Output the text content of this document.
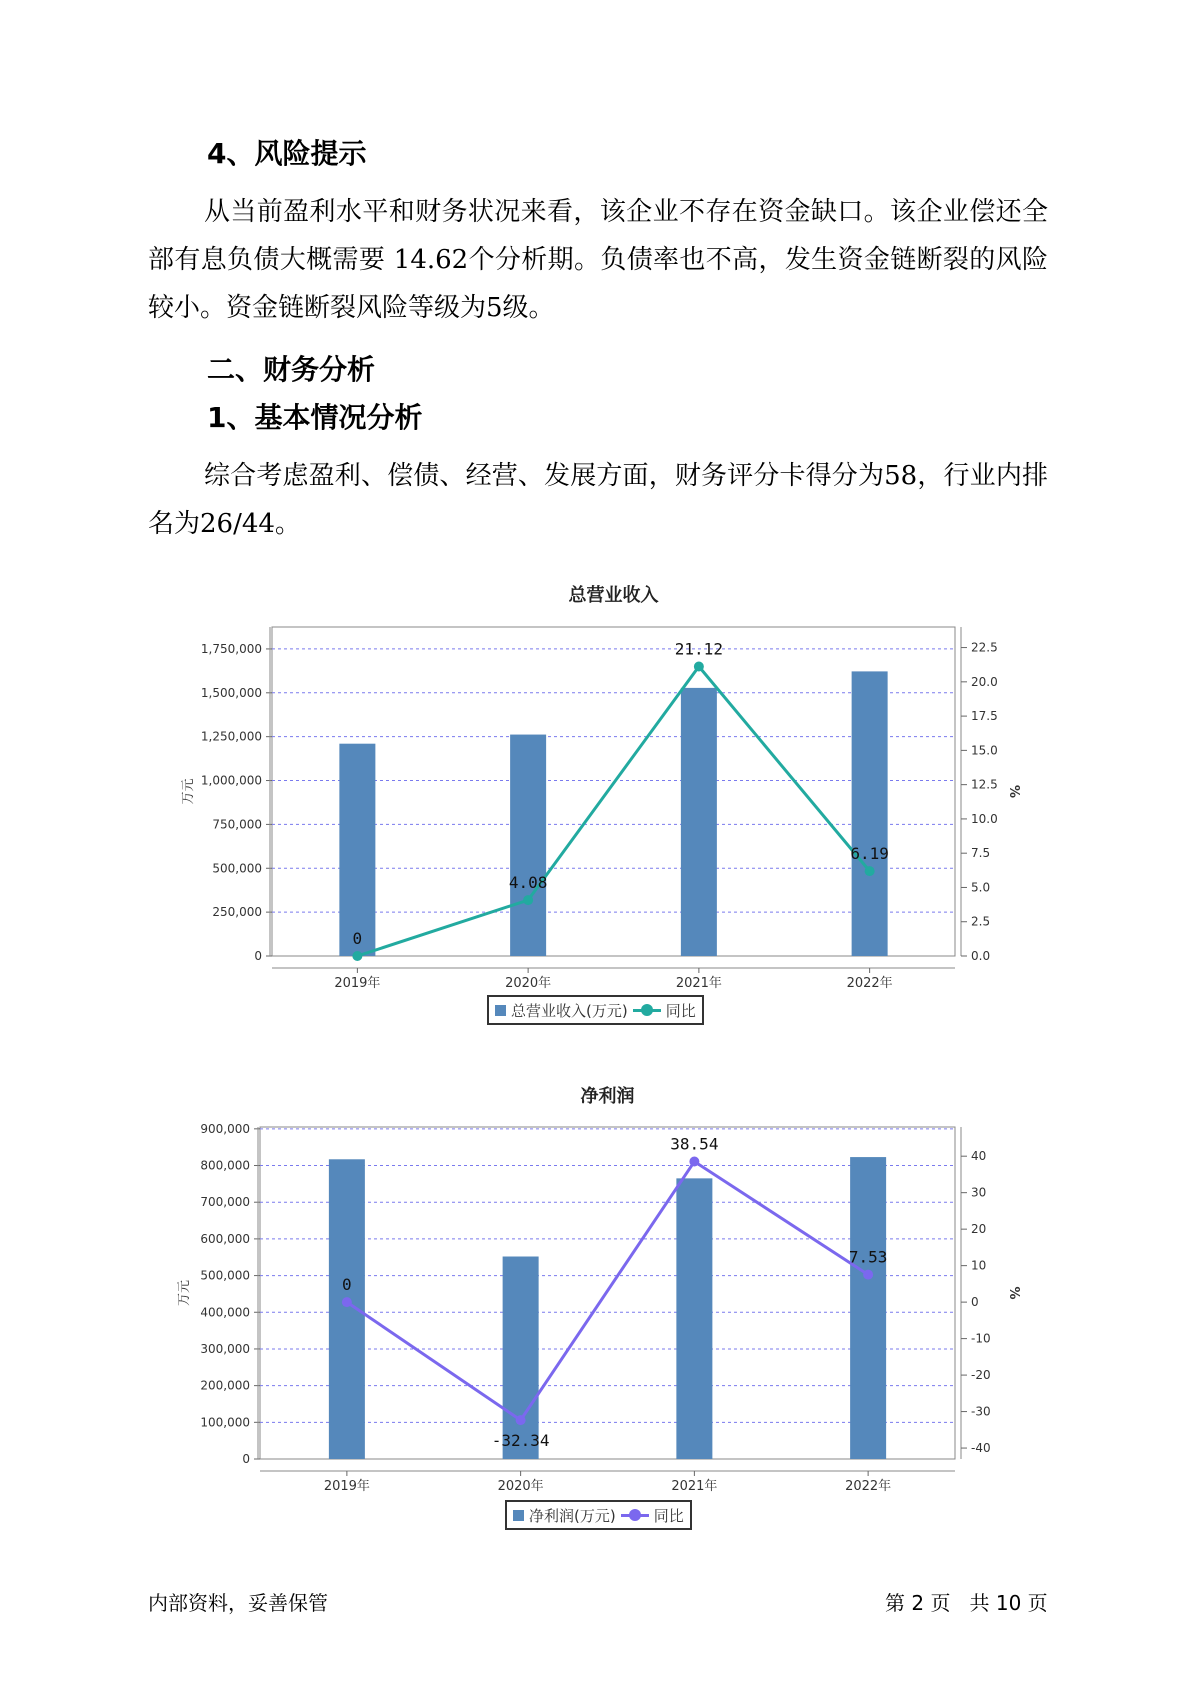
4、风险提示

从当前盈利水平和财务状况来看，该企业不存在资金缺口。该企业偿还全部有息负债大概需要 14.62个分析期。负债率也不高，发生资金链断裂的风险较小。资金链断裂风险等级为5级。

二、财务分析
1、基本情况分析

综合考虑盈利、偿债、经营、发展方面，财务评分卡得分为58，行业内排名为26/44。

总营业收入
0
250,000
500,000
750,000
1,000,000
1,250,000
1,500,000
1,750,000
0.0
2.5
5.0
7.5
10.0
12.5
15.0
17.5
20.0
22.5
2019年	2020年	2021年	2022年
万元	%
0
4.08
21.12
6.19
总营业收入(万元)	同比
净利润
0
100,000
200,000
300,000
400,000
500,000
600,000
700,000
800,000
900,000
-40
-30
-20
-10
0
10
20
30
40
2019年	2020年	2021年	2022年
万元	%
0
-32.34
38.54
7.53
净利润(万元)	同比
内部资料，妥善保管	第 2 页   共 10 页
